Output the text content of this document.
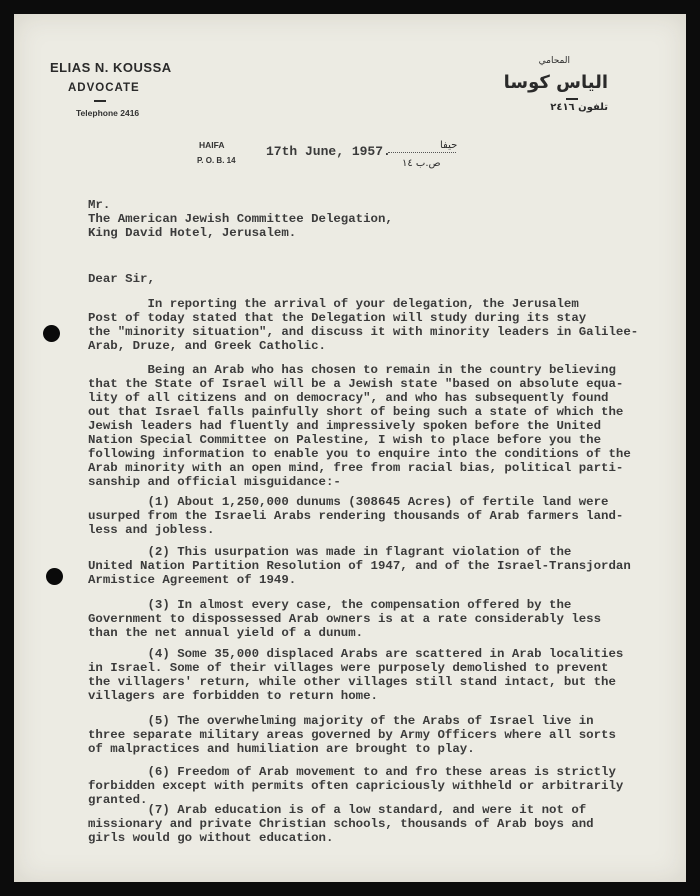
ELIAS N. KOUSSA
ADVOCATE
Telephone 2416
المحامي
الياس كوسا
تلفون ٢٤١٦
HAIFA
P. O. B. 14
17th June, 1957.	حيفا
ص.ب ١٤
Mr.
The American Jewish Committee Delegation,
King David Hotel, Jerusalem.
Dear Sir,
In reporting the arrival of your delegation, the Jerusalem
Post of today stated that the Delegation will study during its stay
the "minority situation", and discuss it with minority leaders in Galilee-
Arab, Druze, and Greek Catholic.
Being an Arab who has chosen to remain in the country believing
that the State of Israel will be a Jewish state "based on absolute equa-
lity of all citizens and on democracy", and who has subsequently found
out that Israel falls painfully short of being such a state of which the
Jewish leaders had fluently and impressively spoken before the United
Nation Special Committee on Palestine, I wish to place before you the
following information to enable you to enquire into the conditions of the
Arab minority with an open mind, free from racial bias, political parti-
sanship and official misguidance:-
(1) About 1,250,000 dunums (308645 Acres) of fertile land were
usurped from the Israeli Arabs rendering thousands of Arab farmers land-
less and jobless.
(2) This usurpation was made in flagrant violation of the
United Nation Partition Resolution of 1947, and of the Israel-Transjordan
Armistice Agreement of 1949.
(3) In almost every case, the compensation offered by the
Government to dispossessed Arab owners is at a rate considerably less
than the net annual yield of a dunum.
(4) Some 35,000 displaced Arabs are scattered in Arab localities
in Israel. Some of their villages were purposely demolished to prevent
the villagers' return, while other villages still stand intact, but the
villagers are forbidden to return home.
(5) The overwhelming majority of the Arabs of Israel live in
three separate military areas governed by Army Officers where all sorts
of malpractices and humiliation are brought to play.
(6) Freedom of Arab movement to and fro these areas is strictly
forbidden except with permits often capriciously withheld or arbitrarily
granted.
(7) Arab education is of a low standard, and were it not of
missionary and private Christian schools, thousands of Arab boys and
girls would go without education.
